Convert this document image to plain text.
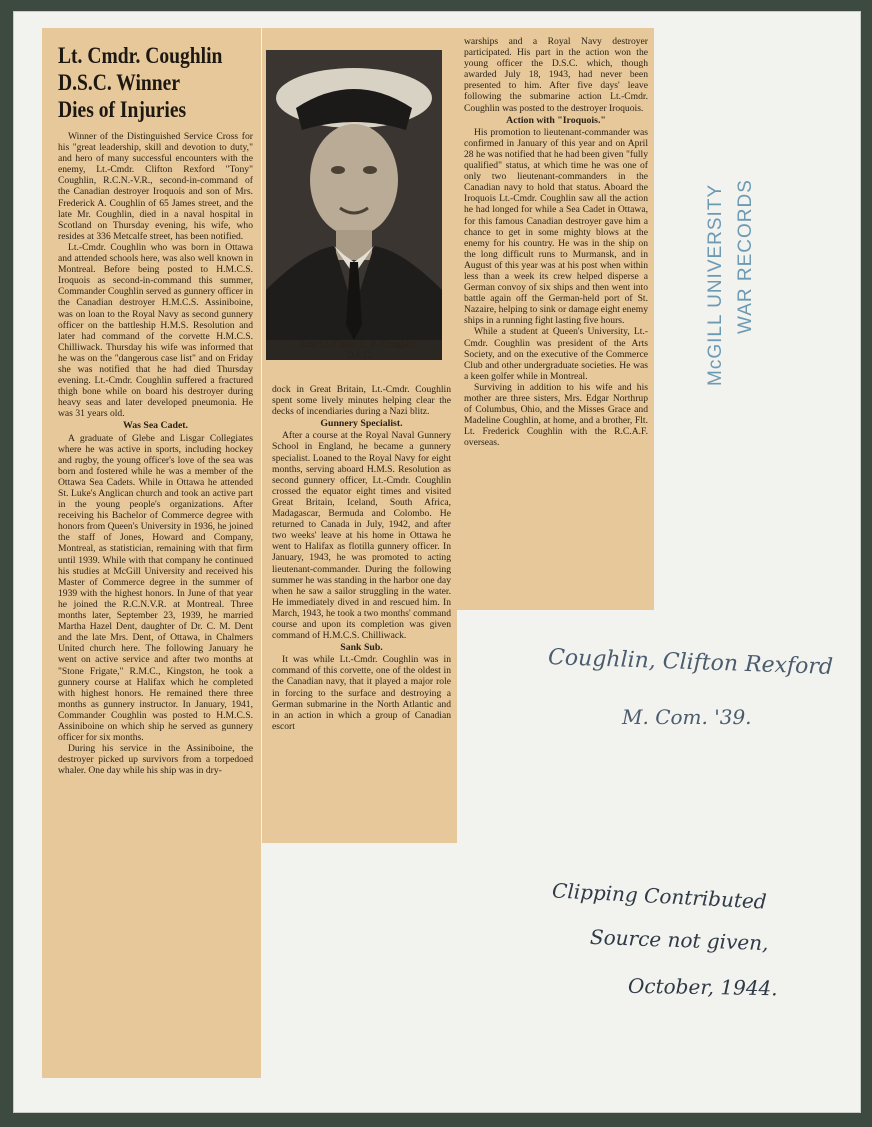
Lt. Cmdr. Coughlin
D.S.C. Winner
Dies of Injuries

Winner of the Distinguished Service Cross for his "great leadership, skill and devotion to duty," and hero of many successful encounters with the enemy, Lt.-Cmdr. Clifton Rexford "Tony" Coughlin, R.C.N.-V.R., second-in-command of the Canadian destroyer Iroquois and son of Mrs. Frederick A. Coughlin of 65 James street, and the late Mr. Coughlin, died in a naval hospital in Scotland on Thursday evening, his wife, who resides at 336 Metcalfe street, has been notified.

Lt.-Cmdr. Coughlin who was born in Ottawa and attended schools here, was also well known in Montreal. Before being posted to H.M.C.S. Iroquois as second-in-command this summer, Commander Coughlin served as gunnery officer in the Canadian destroyer H.M.C.S. Assiniboine, was on loan to the Royal Navy as second gunnery officer on the battleship H.M.S. Resolution and later had command of the corvette H.M.C.S. Chilliwack. Thursday his wife was informed that he was on the "dangerous case list" and on Friday she was notified that he had died Thursday evening. Lt.-Cmdr. Coughlin suffered a fractured thigh bone while on board his destroyer during heavy seas and later developed pneumonia. He was 31 years old.

Was Sea Cadet.

A graduate of Glebe and Lisgar Collegiates where he was active in sports, including hockey and rugby, the young officer's love of the sea was born and fostered while he was a member of the Ottawa Sea Cadets. While in Ottawa he attended St. Luke's Anglican church and took an active part in the young people's organizations. After receiving his Bachelor of Commerce degree with honors from Queen's University in 1936, he joined the staff of Jones, Howard and Company, Montreal, as statistician, remaining with that firm until 1939. While with that company he continued his studies at McGill University and received his Master of Commerce degree in the summer of 1939 with the highest honors. In June of that year he joined the R.C.N.V.R. at Montreal. Three months later, September 23, 1939, he married Martha Hazel Dent, daughter of Dr. C. M. Dent and the late Mrs. Dent, of Ottawa, in Chalmers United church here. The following January he went on active service and after two months at "Stone Frigate," R.M.C., Kingston, he took a gunnery course at Halifax which he completed with highest honors. He remained there three months as gunnery instructor. In January, 1941, Commander Coughlin was posted to H.M.C.S. Assiniboine on which ship he served as gunnery officer for six months.

During his service in the Assiniboine, the destroyer picked up survivors from a torpedoed whaler. One day while his ship was in dry-

Late Lt.-Cmdr. C. R. Coughlin,
D.S.C.

dock in Great Britain, Lt.-Cmdr. Coughlin spent some lively minutes helping clear the decks of incendiaries during a Nazi blitz.

Gunnery Specialist.

After a course at the Royal Naval Gunnery School in England, he became a gunnery specialist. Loaned to the Royal Navy for eight months, serving aboard H.M.S. Resolution as second gunnery officer, Lt.-Cmdr. Coughlin crossed the equator eight times and visited Great Britain, Iceland, South Africa, Madagascar, Bermuda and Colombo. He returned to Canada in July, 1942, and after two weeks' leave at his home in Ottawa he went to Halifax as flotilla gunnery officer. In January, 1943, he was promoted to acting lieutenant-commander. During the following summer he was standing in the harbor one day when he saw a sailor struggling in the water. He immediately dived in and rescued him. In March, 1943, he took a two months' command course and upon its completion was given command of H.M.C.S. Chilliwack.

Sank Sub.

It was while Lt.-Cmdr. Coughlin was in command of this corvette, one of the oldest in the Canadian navy, that it played a major role in forcing to the surface and destroying a German submarine in the North Atlantic and in an action in which a group of Canadian escort

warships and a Royal Navy destroyer participated. His part in the action won the young officer the D.S.C. which, though awarded July 18, 1943, had never been presented to him. After five days' leave following the submarine action Lt.-Cmdr. Coughlin was posted to the destroyer Iroquois.

Action with "Iroquois."

His promotion to lieutenant-commander was confirmed in January of this year and on April 28 he was notified that he had been given "fully qualified" status, at which time he was one of only two lieutenant-commanders in the Canadian navy to hold that status. Aboard the Iroquois Lt.-Cmdr. Coughlin saw all the action he had longed for while a Sea Cadet in Ottawa, for this famous Canadian destroyer gave him a chance to get in some mighty blows at the enemy for his country. He was in the ship on the long difficult runs to Murmansk, and in August of this year was at his post when within less than a week its crew helped disperse a German convoy of six ships and then went into battle again off the German-held port of St. Nazaire, helping to sink or damage eight enemy ships in a running fight lasting five hours.

While a student at Queen's University, Lt.-Cmdr. Coughlin was president of the Arts Society, and on the executive of the Commerce Club and other undergraduate societies. He was a keen golfer while in Montreal.

Surviving in addition to his wife and his mother are three sisters, Mrs. Edgar Northrup of Columbus, Ohio, and the Misses Grace and Madeline Coughlin, at home, and a brother, Flt. Lt. Frederick Coughlin with the R.C.A.F. overseas.

McGILL UNIVERSITY WAR RECORDS
Coughlin, Clifton Rexford
M. Com. '39.
Clipping Contributed
Source not given,
October, 1944.
